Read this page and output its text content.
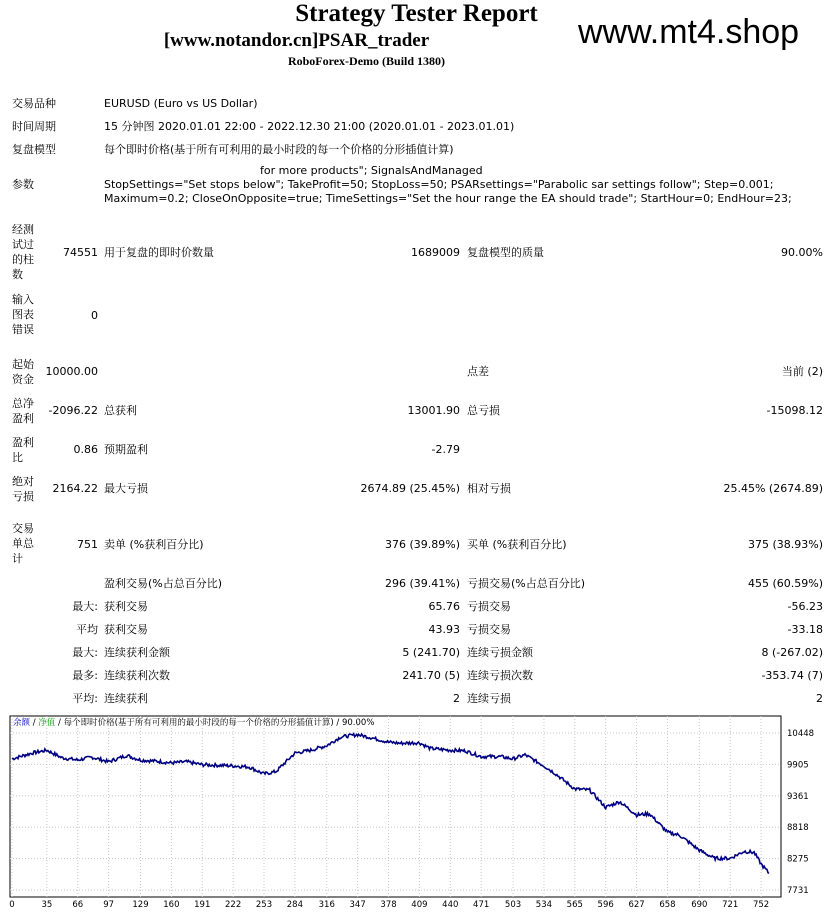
Strategy Tester Report
[www.notandor.cn]PSAR_trader
RoboForex-Demo (Build 1380)
www.mt4.shop
交易品种	EURUSD (Euro vs US Dollar)
时间周期	15 分钟图 2020.01.01 22:00 - 2022.12.30 21:00 (2020.01.01 - 2023.01.01)
复盘模型	每个即时价格(基于所有可利用的最小时段的每一个价格的分形插值计算)
参数
for more products"; SignalsAndManaged
StopSettings="Set stops below"; TakeProfit=50; StopLoss=50; PSARsettings="Parabolic sar settings follow"; Step=0.001;
Maximum=0.2; CloseOnOpposite=true; TimeSettings="Set the hour range the EA should trade"; StartHour=0; EndHour=23;
经测试过的柱数
74551 用于复盘的即时价数量	1689009 复盘模型的质量	90.00%
输入图表错误
0
起始资金
10000.00	点差	当前 (2)
总净盈利
-2096.22 总获利	13001.90 总亏损	-15098.12
盈利比
0.86 预期盈利	-2.79
绝对亏损
2164.22 最大亏损	2674.89 (25.45%) 相对亏损	25.45% (2674.89)
交易单总计
751 卖单 (%获利百分比)	376 (39.89%) 买单 (%获利百分比)	375 (38.93%)
盈利交易(%占总百分比)	296 (39.41%) 亏损交易(%占总百分比)	455 (60.59%)
最大: 获利交易	65.76 亏损交易	-56.23
平均 获利交易	43.93 亏损交易	-33.18
最大: 连续获利金额	5 (241.70) 连续亏损金额	8 (-267.02)
最多: 连续获利次数	241.70 (5) 连续亏损次数	-353.74 (7)
平均: 连续获利	2 连续亏损	2
余额 / 净值 / 每个即时价格(基于所有可利用的最小时段的每一个价格的分形插值计算) / 90.00%
0	35 66 97 129 160 191 222 253 284 316 347 378 409 440 471 503 534 565 596 627 658 690 721 752
10448
9905
9361
8818
8275
7731
